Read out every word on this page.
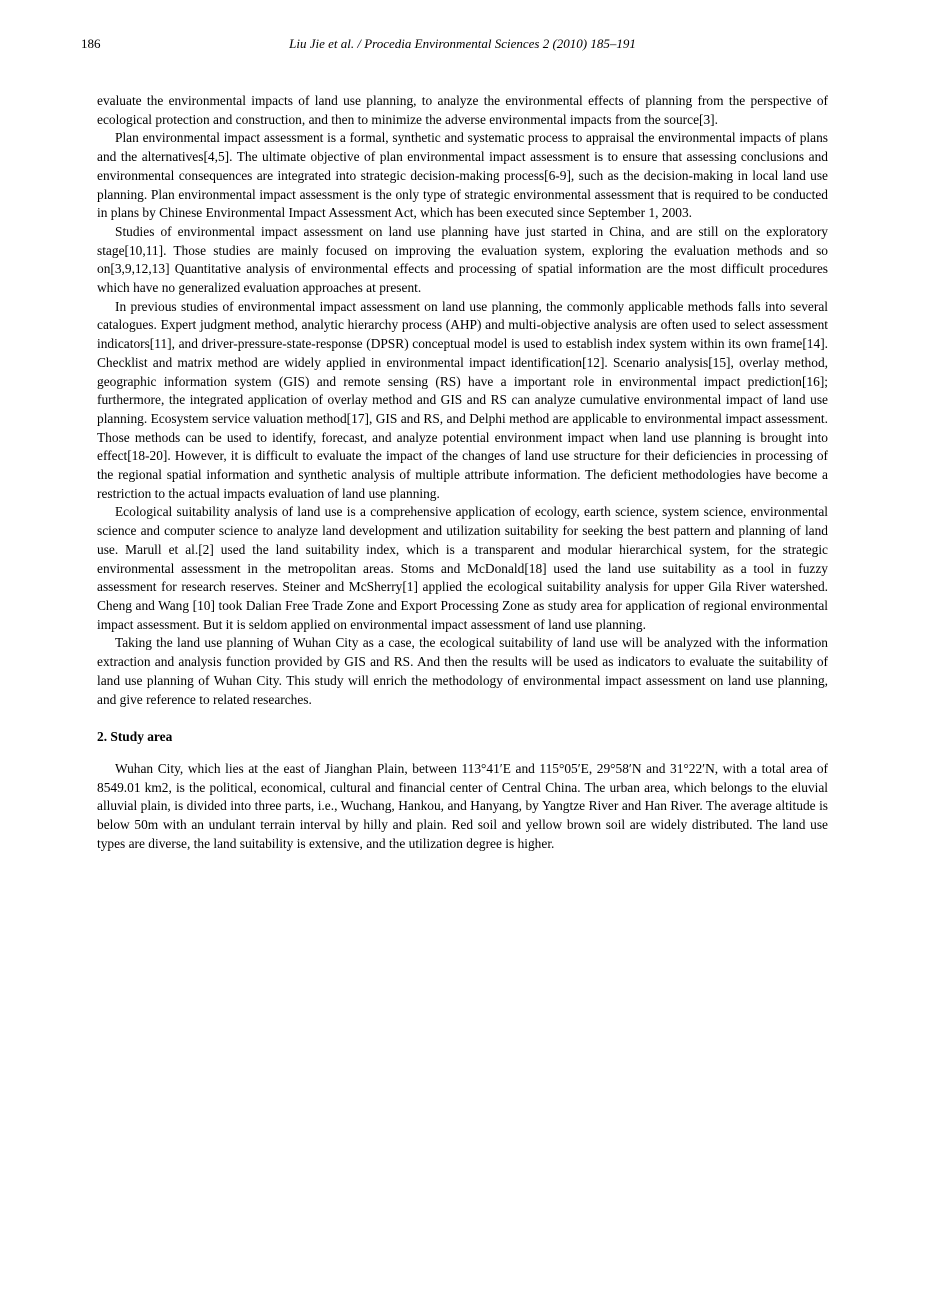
186	Liu Jie et al. / Procedia Environmental Sciences 2 (2010) 185–191

evaluate the environmental impacts of land use planning, to analyze the environmental effects of planning from the perspective of ecological protection and construction, and then to minimize the adverse environmental impacts from the source[3].

Plan environmental impact assessment is a formal, synthetic and systematic process to appraisal the environmental impacts of plans and the alternatives[4,5]. The ultimate objective of plan environmental impact assessment is to ensure that assessing conclusions and environmental consequences are integrated into strategic decision-making process[6-9], such as the decision-making in local land use planning. Plan environmental impact assessment is the only type of strategic environmental assessment that is required to be conducted in plans by Chinese Environmental Impact Assessment Act, which has been executed since September 1, 2003.

Studies of environmental impact assessment on land use planning have just started in China, and are still on the exploratory stage[10,11]. Those studies are mainly focused on improving the evaluation system, exploring the evaluation methods and so on[3,9,12,13] Quantitative analysis of environmental effects and processing of spatial information are the most difficult procedures which have no generalized evaluation approaches at present.

In previous studies of environmental impact assessment on land use planning, the commonly applicable methods falls into several catalogues. Expert judgment method, analytic hierarchy process (AHP) and multi-objective analysis are often used to select assessment indicators[11], and driver-pressure-state-response (DPSR) conceptual model is used to establish index system within its own frame[14]. Checklist and matrix method are widely applied in environmental impact identification[12]. Scenario analysis[15], overlay method, geographic information system (GIS) and remote sensing (RS) have a important role in environmental impact prediction[16]; furthermore, the integrated application of overlay method and GIS and RS can analyze cumulative environmental impact of land use planning. Ecosystem service valuation method[17], GIS and RS, and Delphi method are applicable to environmental impact assessment. Those methods can be used to identify, forecast, and analyze potential environment impact when land use planning is brought into effect[18-20]. However, it is difficult to evaluate the impact of the changes of land use structure for their deficiencies in processing of the regional spatial information and synthetic analysis of multiple attribute information. The deficient methodologies have become a restriction to the actual impacts evaluation of land use planning.

Ecological suitability analysis of land use is a comprehensive application of ecology, earth science, system science, environmental science and computer science to analyze land development and utilization suitability for seeking the best pattern and planning of land use. Marull et al.[2] used the land suitability index, which is a transparent and modular hierarchical system, for the strategic environmental assessment in the metropolitan areas. Stoms and McDonald[18] used the land use suitability as a tool in fuzzy assessment for research reserves. Steiner and McSherry[1] applied the ecological suitability analysis for upper Gila River watershed. Cheng and Wang [10] took Dalian Free Trade Zone and Export Processing Zone as study area for application of regional environmental impact assessment. But it is seldom applied on environmental impact assessment of land use planning.

Taking the land use planning of Wuhan City as a case, the ecological suitability of land use will be analyzed with the information extraction and analysis function provided by GIS and RS. And then the results will be used as indicators to evaluate the suitability of land use planning of Wuhan City. This study will enrich the methodology of environmental impact assessment on land use planning, and give reference to related researches.

2. Study area

Wuhan City, which lies at the east of Jianghan Plain, between 113°41′E and 115°05′E, 29°58′N and 31°22′N, with a total area of 8549.01 km2, is the political, economical, cultural and financial center of Central China. The urban area, which belongs to the eluvial alluvial plain, is divided into three parts, i.e., Wuchang, Hankou, and Hanyang, by Yangtze River and Han River. The average altitude is below 50m with an undulant terrain interval by hilly and plain. Red soil and yellow brown soil are widely distributed. The land use types are diverse, the land suitability is extensive, and the utilization degree is higher.
